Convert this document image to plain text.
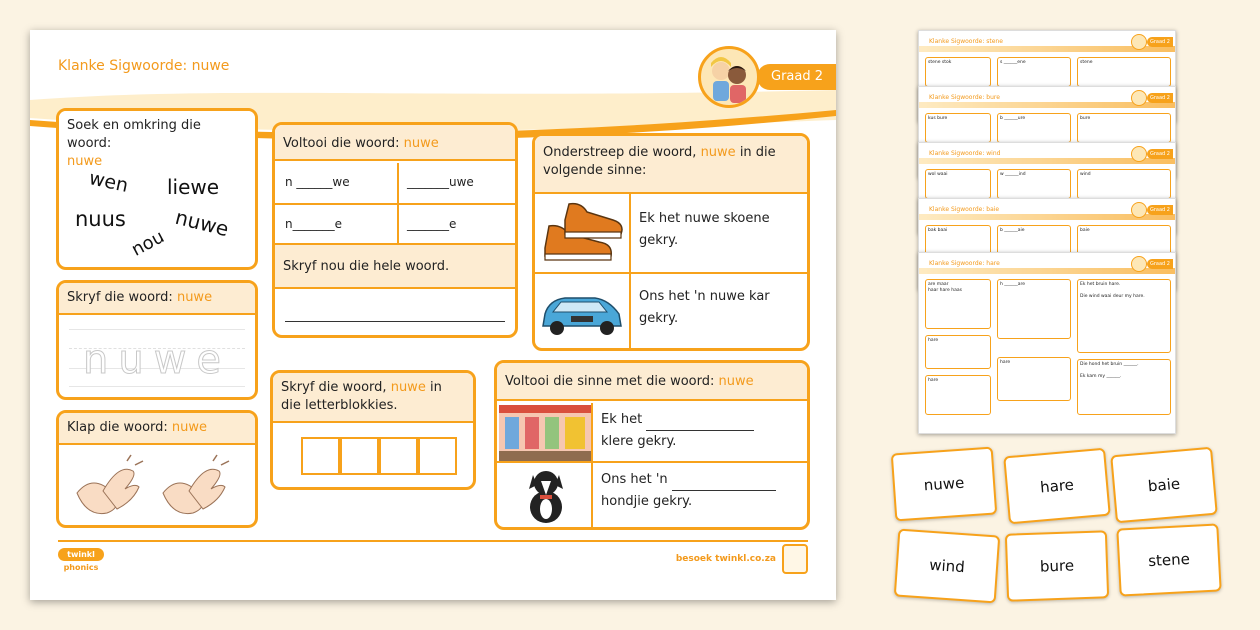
Klanke Sigwoorde: nuwe
Graad 2
Soek en omkring die woord:
nuwe
wen liewe
nuus nuwe
nou
Skryf die woord: nuwe
nuwe
Klap die woord: nuwe
Voltooi die woord: nuwe
n ______we	_______uwe
n_______e	_______e
Skryf nou die hele woord.
Skryf die woord, nuwe in die letterblokkies.
Onderstreep die woord, nuwe in die volgende sinne:
Ek het nuwe skoene gekry.
Ons het 'n nuwe kar gekry.
Voltooi die sinne met die woord: nuwe
Ek het
klere gekry.
Ons het 'n
hondjie gekry.
twinkl
phonics
besoek twinkl.co.za
Klanke Sigwoorde: stene	Graad 2
stene stok	s ______ene	stene
Klanke Sigwoorde: bure	Graad 2
kus bure	b ______ure	bure
Klanke Sigwoorde: wind	Graad 2
wol waai	w ______ind	wind
Klanke Sigwoorde: baie	Graad 2
bak baai	b ______aie	baie
Klanke Sigwoorde: hare	Graad 2
are maar
haar hare haas
h ______are	Ek het bruin hare.

Die wind waai deur my hare.
hare
hare
hare	Die hond het bruin ______.

Ek kam my ______.
nuwe	hare	baie
wind	bure	stene
